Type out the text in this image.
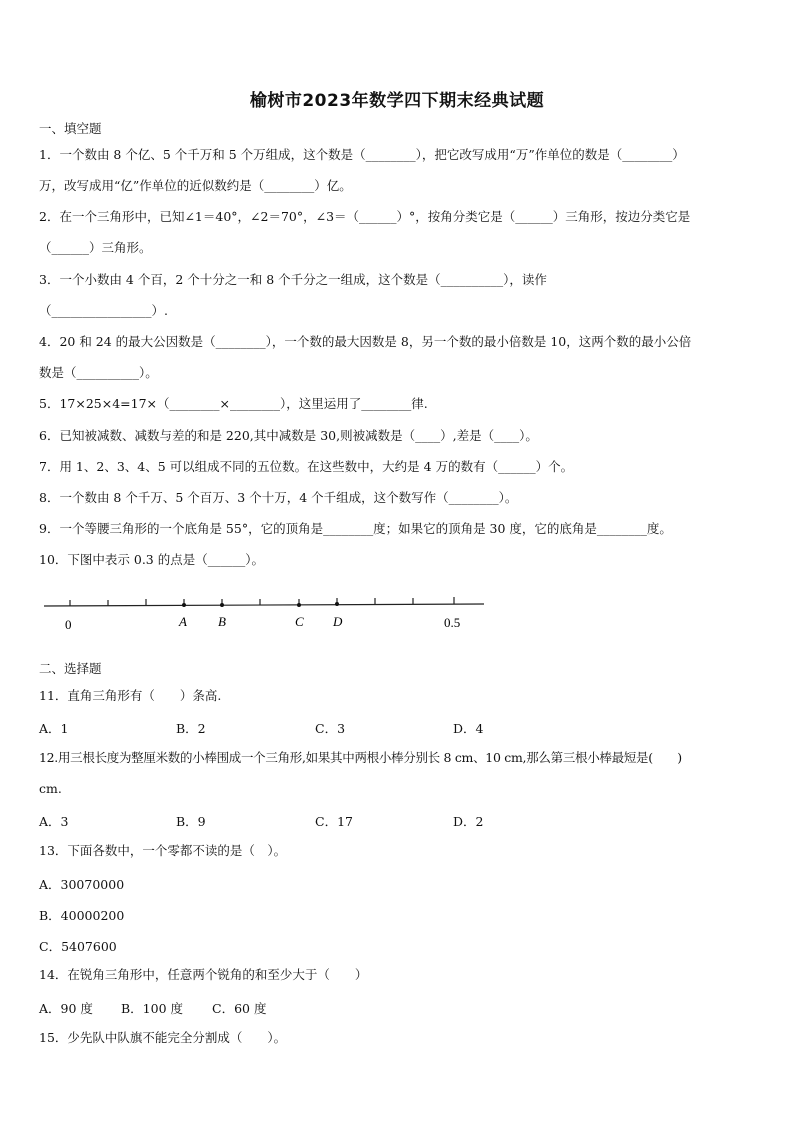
榆树市2023年数学四下期末经典试题
一、填空题
1．一个数由 8 个亿、5 个千万和 5 个万组成，这个数是（________），把它改写成用“万”作单位的数是（________）
万，改写成用“亿”作单位的近似数约是（________）亿。
2．在一个三角形中，已知∠1＝40°，∠2＝70°，∠3＝（______）°，按角分类它是（______）三角形，按边分类它是
（______）三角形。
3．一个小数由 4 个百，2 个十分之一和 8 个千分之一组成，这个数是（__________），读作
（________________）.
4．20 和 24 的最大公因数是（________），一个数的最大因数是 8，另一个数的最小倍数是 10，这两个数的最小公倍
数是（__________）。
5．17×25×4=17×（________×________），这里运用了________律.
6．已知被减数、减数与差的和是 220,其中减数是 30,则被减数是（____）,差是（____）。
7．用 1、2、3、4、5 可以组成不同的五位数。在这些数中，大约是 4 万的数有（______）个。
8．一个数由 8 个千万、5 个百万、3 个十万，4 个千组成，这个数写作（________）。
9．一个等腰三角形的一个底角是 55°，它的顶角是________度；如果它的顶角是 30 度，它的底角是________度。
10．下图中表示 0.3 的点是（______）。
0	A B	C D	0.5
二、选择题
11．直角三角形有（　　）条高.
A．1	B．2	C．3	D．4
12.用三根长度为整厘米数的小棒围成一个三角形,如果其中两根小棒分别长 8 cm、10 cm,那么第三根小棒最短是(　　)
cm.
A．3	B．9	C．17	D．2
13．下面各数中，一个零都不读的是（　）。
A．30070000
B．40000200
C．5407600
14．在锐角三角形中，任意两个锐角的和至少大于（　　）
A．90 度 B．100 度 C．60 度
15．少先队中队旗不能完全分割成（　　）。
